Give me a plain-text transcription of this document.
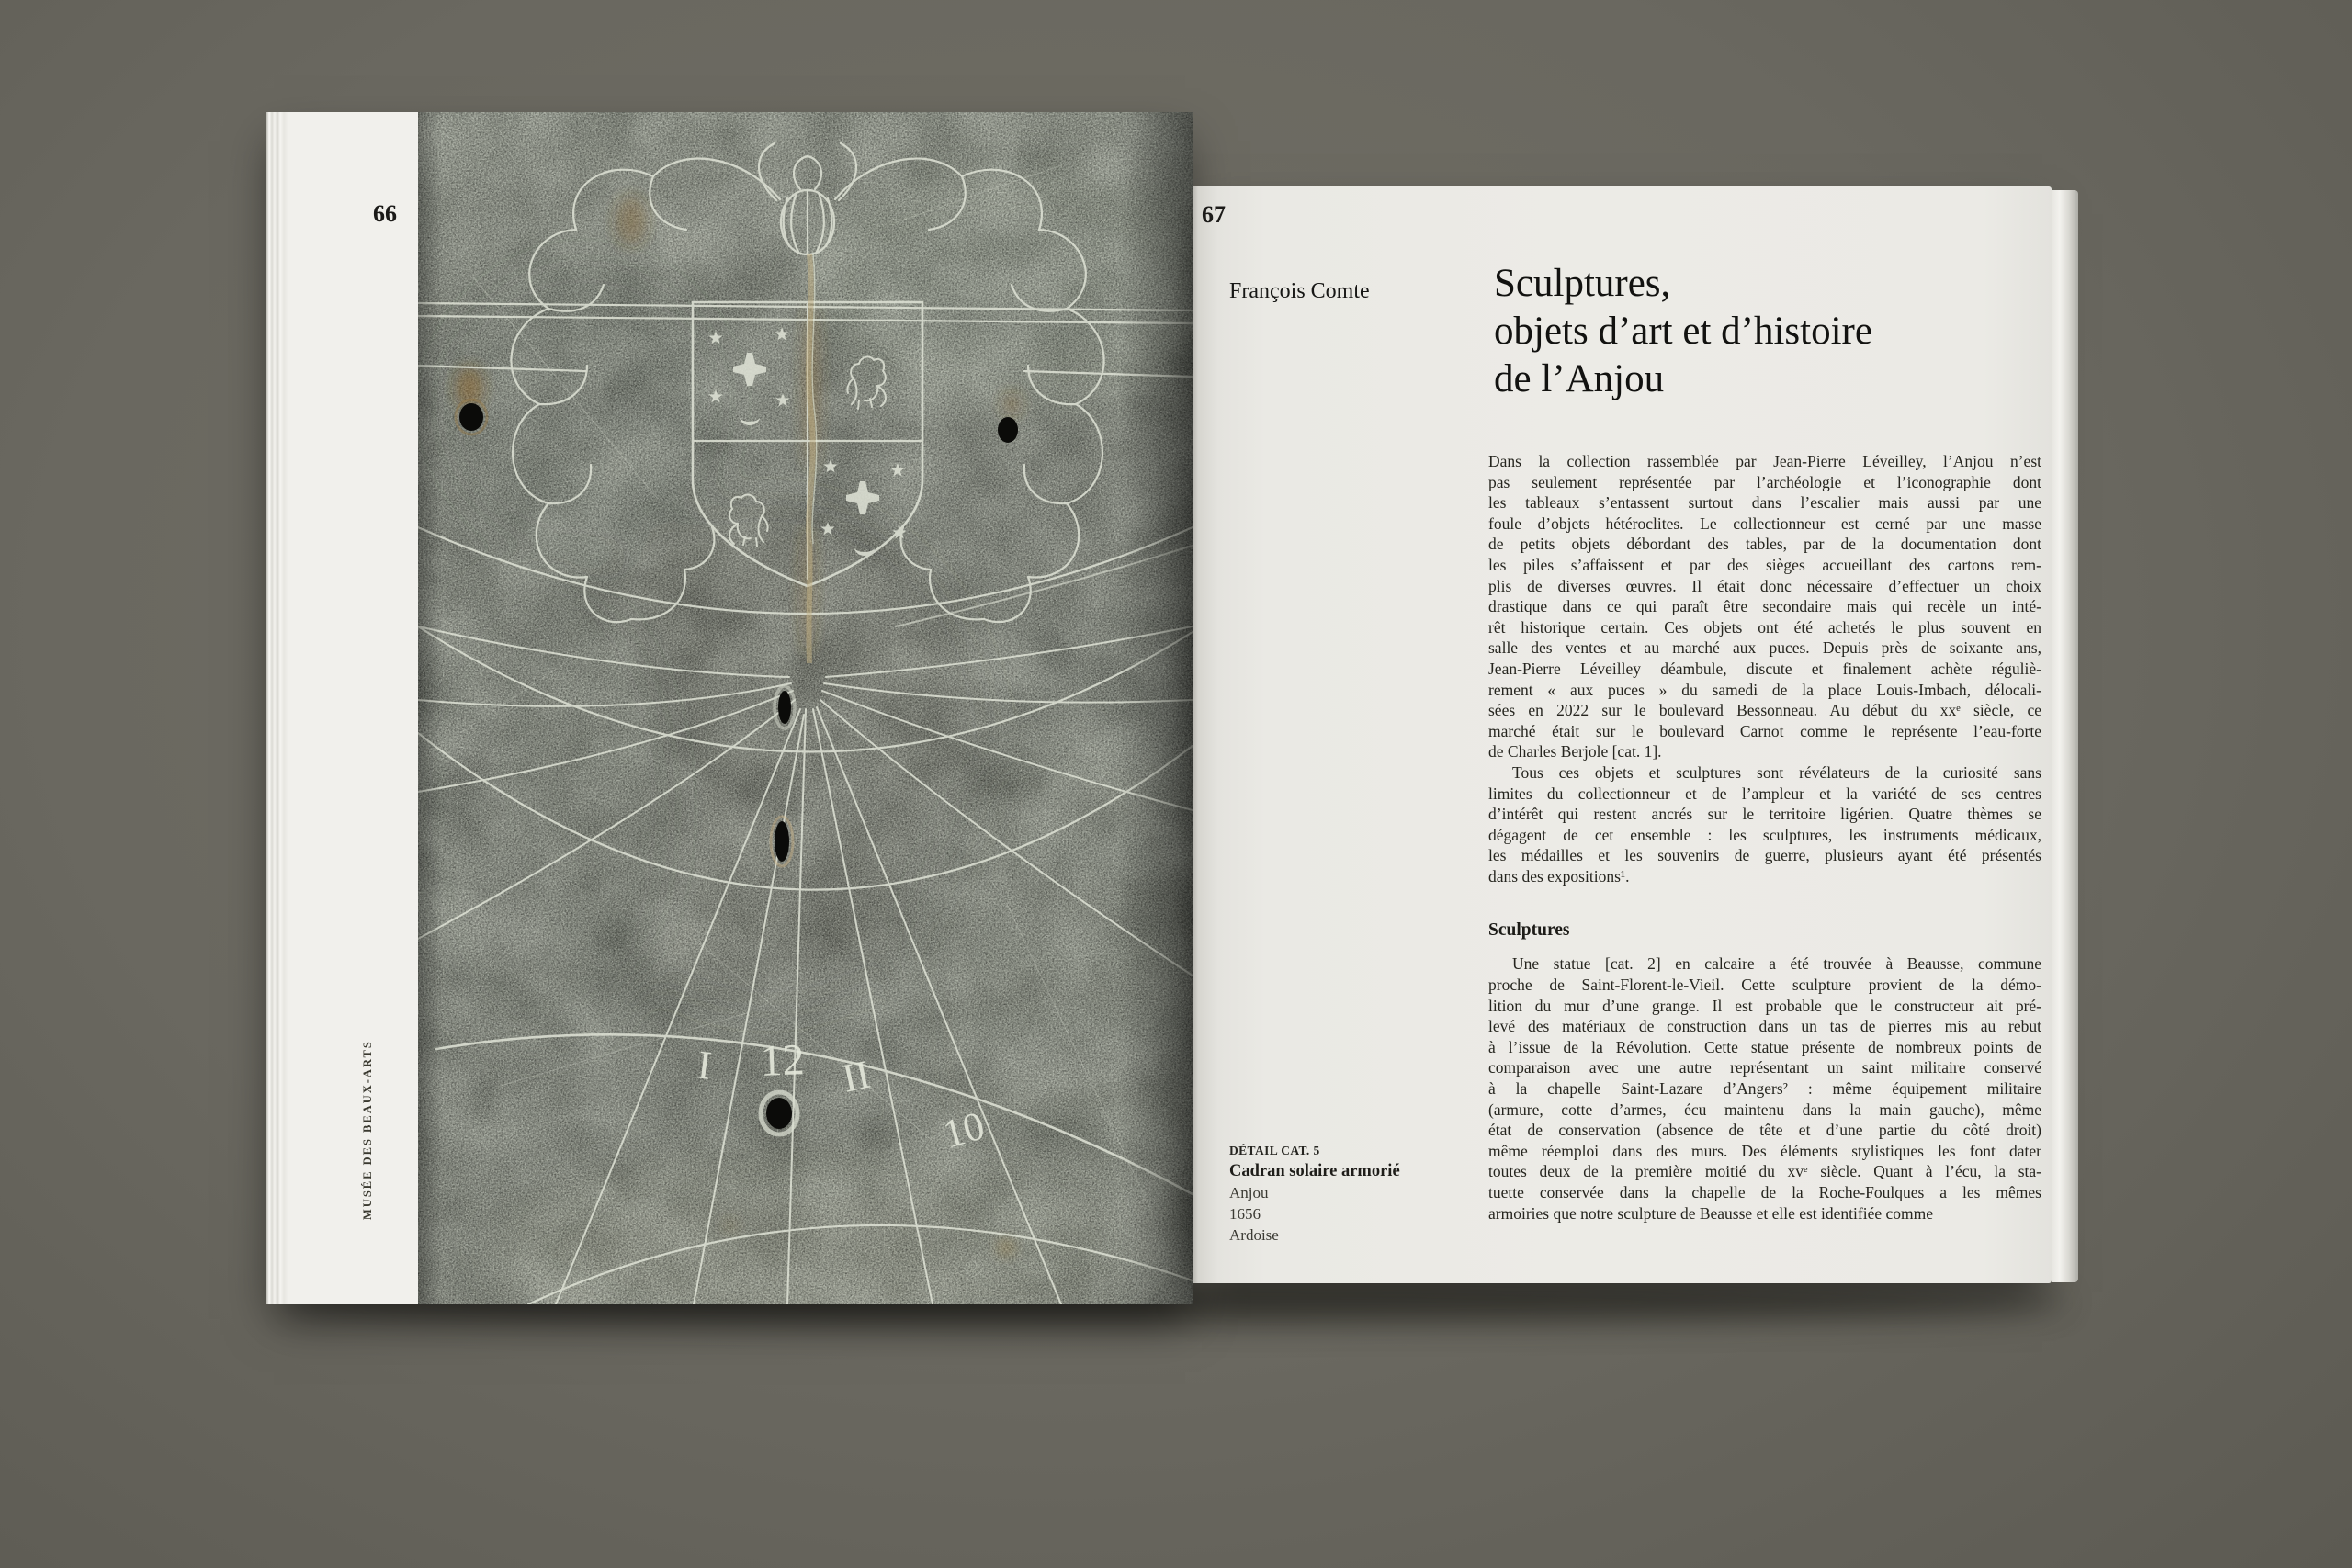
66
MUSÉE DES BEAUX-ARTS	I 12 II
10
67
François Comte	Sculptures,
objets d’art et d’histoire
de l’Anjou
Dans la collection rassemblée par Jean-Pierre Léveilley, l’Anjou n’est
pas seulement représentée par l’archéologie et l’iconographie dont
les tableaux s’entassent surtout dans l’escalier mais aussi par une
foule d’objets hétéroclites. Le collectionneur est cerné par une masse
de petits objets débordant des tables, par de la documentation dont
les piles s’affaissent et par des sièges accueillant des cartons rem-
plis de diverses œuvres. Il était donc nécessaire d’effectuer un choix
drastique dans ce qui paraît être secondaire mais qui recèle un inté-
rêt historique certain. Ces objets ont été achetés le plus souvent en
salle des ventes et au marché aux puces. Depuis près de soixante ans,
Jean-Pierre Léveilley déambule, discute et finalement achète réguliè-
rement « aux puces » du samedi de la place Louis-Imbach, délocali-
sées en 2022 sur le boulevard Bessonneau. Au début du xxᵉ siècle, ce
marché était sur le boulevard Carnot comme le représente l’eau-forte
de Charles Berjole [cat. 1].
Tous ces objets et sculptures sont révélateurs de la curiosité sans
limites du collectionneur et de l’ampleur et la variété de ses centres
d’intérêt qui restent ancrés sur le territoire ligérien. Quatre thèmes se
dégagent de cet ensemble : les sculptures, les instruments médicaux,
les médailles et les souvenirs de guerre, plusieurs ayant été présentés
dans des expositions¹.
Sculptures
Une statue [cat. 2] en calcaire a été trouvée à Beausse, commune
proche de Saint-Florent-le-Vieil. Cette sculpture provient de la démo-
lition du mur d’une grange. Il est probable que le constructeur ait pré-
levé des matériaux de construction dans un tas de pierres mis au rebut
à l’issue de la Révolution. Cette statue présente de nombreux points de
comparaison avec une autre représentant un saint militaire conservé
à la chapelle Saint-Lazare d’Angers² : même équipement militaire
(armure, cotte d’armes, écu maintenu dans la main gauche), même
état de conservation (absence de tête et d’une partie du côté droit)
même réemploi dans des murs. Des éléments stylistiques les font dater
toutes deux de la première moitié du xvᵉ siècle. Quant à l’écu, la sta-
tuette conservée dans la chapelle de la Roche-Foulques a les mêmes
armoiries que notre sculpture de Beausse et elle est identifiée comme
DÉTAIL CAT. 5
Cadran solaire armorié
Anjou
1656
Ardoise
